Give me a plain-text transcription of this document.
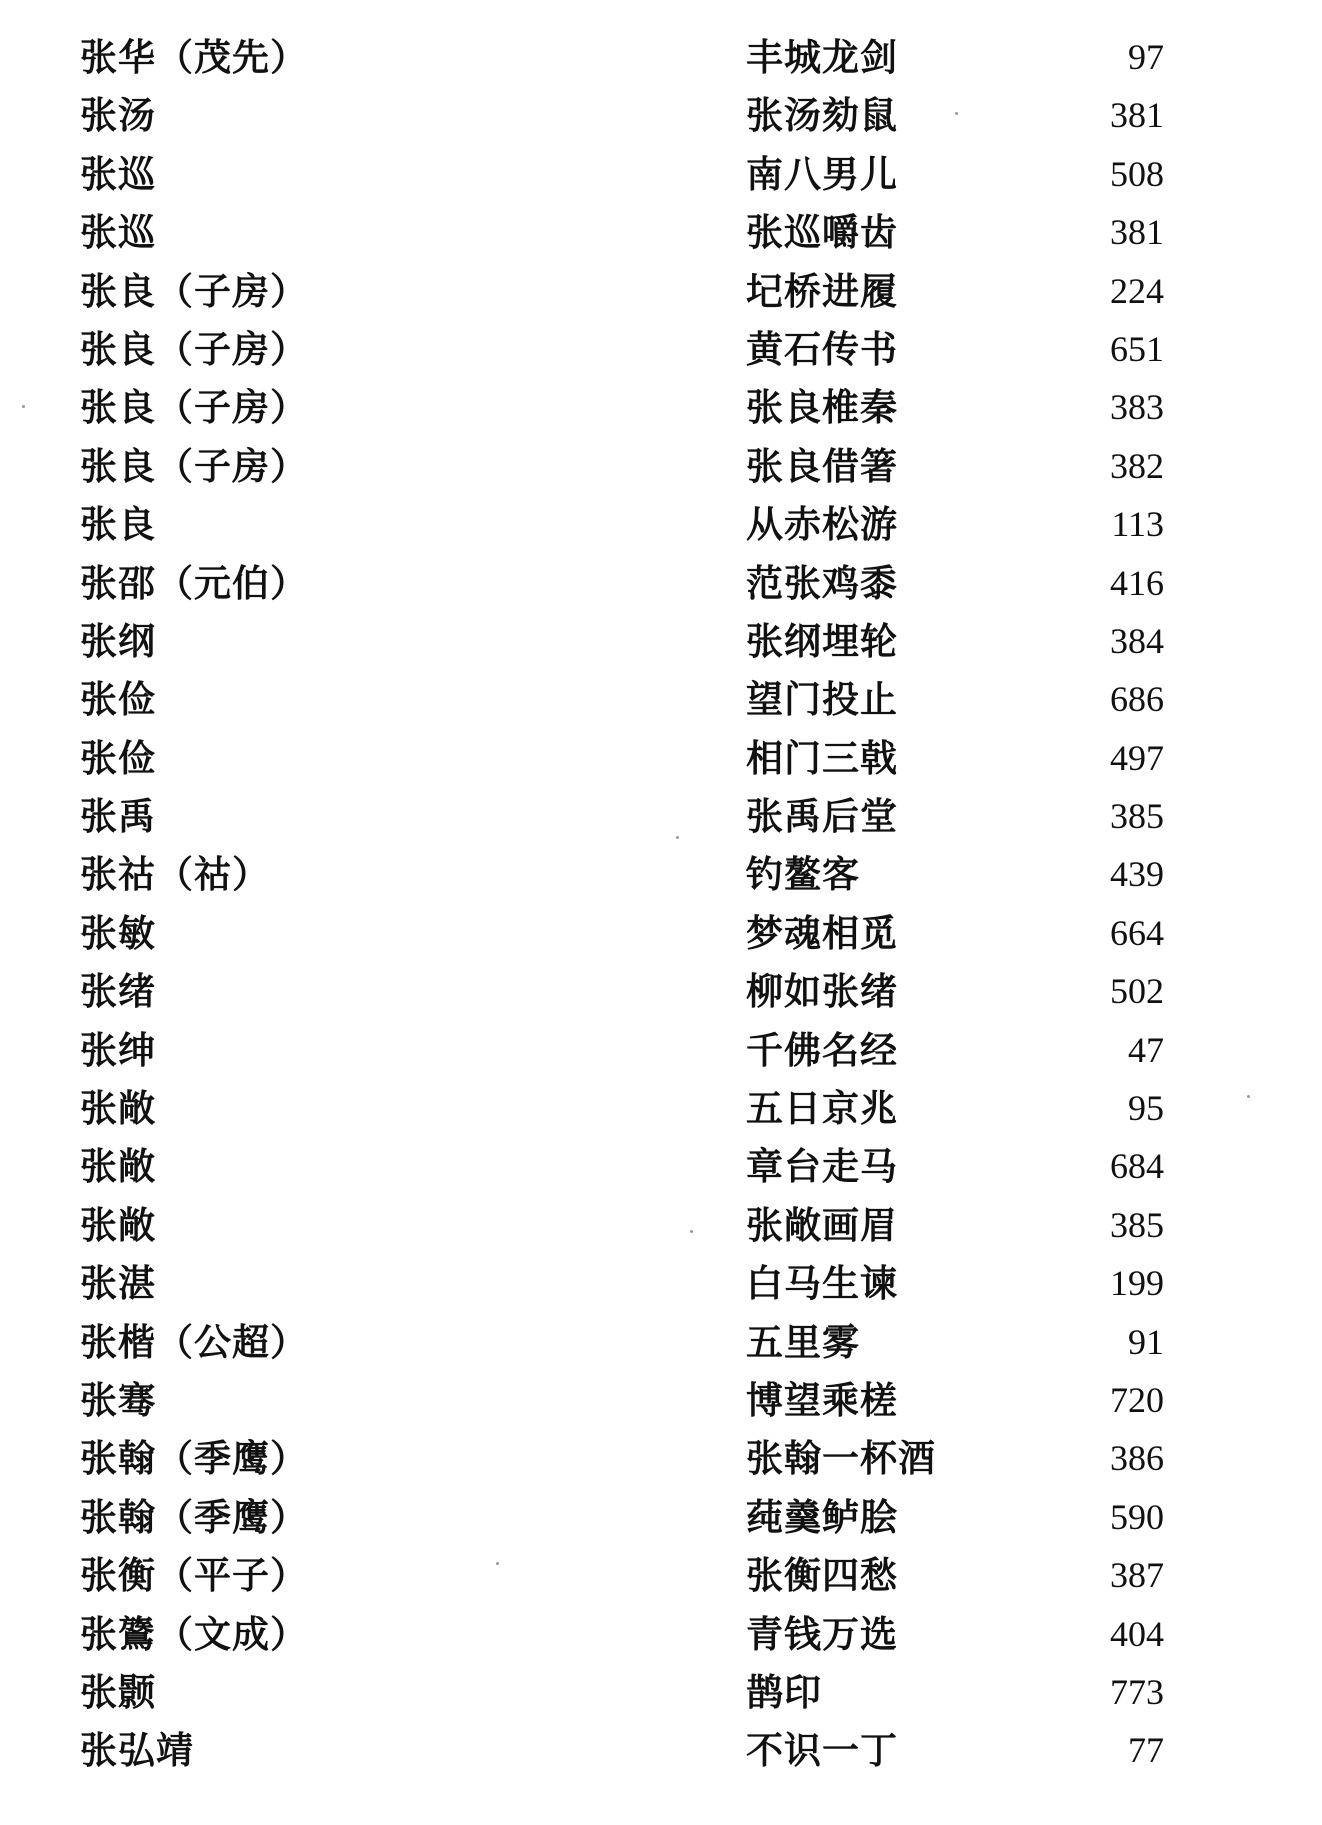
张华（茂先）	丰城龙剑	97
张汤	张汤劾鼠	381
张巡	南八男儿	508
张巡	张巡嚼齿	381
张良（子房）	圮桥进履	224
张良（子房）	黄石传书	651
张良（子房）	张良椎秦	383
张良（子房）	张良借箸	382
张良	从赤松游	113
张邵（元伯）	范张鸡黍	416
张纲	张纲埋轮	384
张俭	望门投止	686
张俭	相门三戟	497
张禹	张禹后堂	385
张祜（祜）	钓鳌客	439
张敏	梦魂相觅	664
张绪	柳如张绪	502
张绅	千佛名经	47
张敞	五日京兆	95
张敞	章台走马	684
张敞	张敞画眉	385
张湛	白马生谏	199
张楷（公超）	五里雾	91
张骞	博望乘槎	720
张翰（季鹰）	张翰一杯酒	386
张翰（季鹰）	莼羹鲈脍	590
张衡（平子）	张衡四愁	387
张鷟（文成）	青钱万选	404
张颢	鹊印	773
张弘靖	不识一丁	77
